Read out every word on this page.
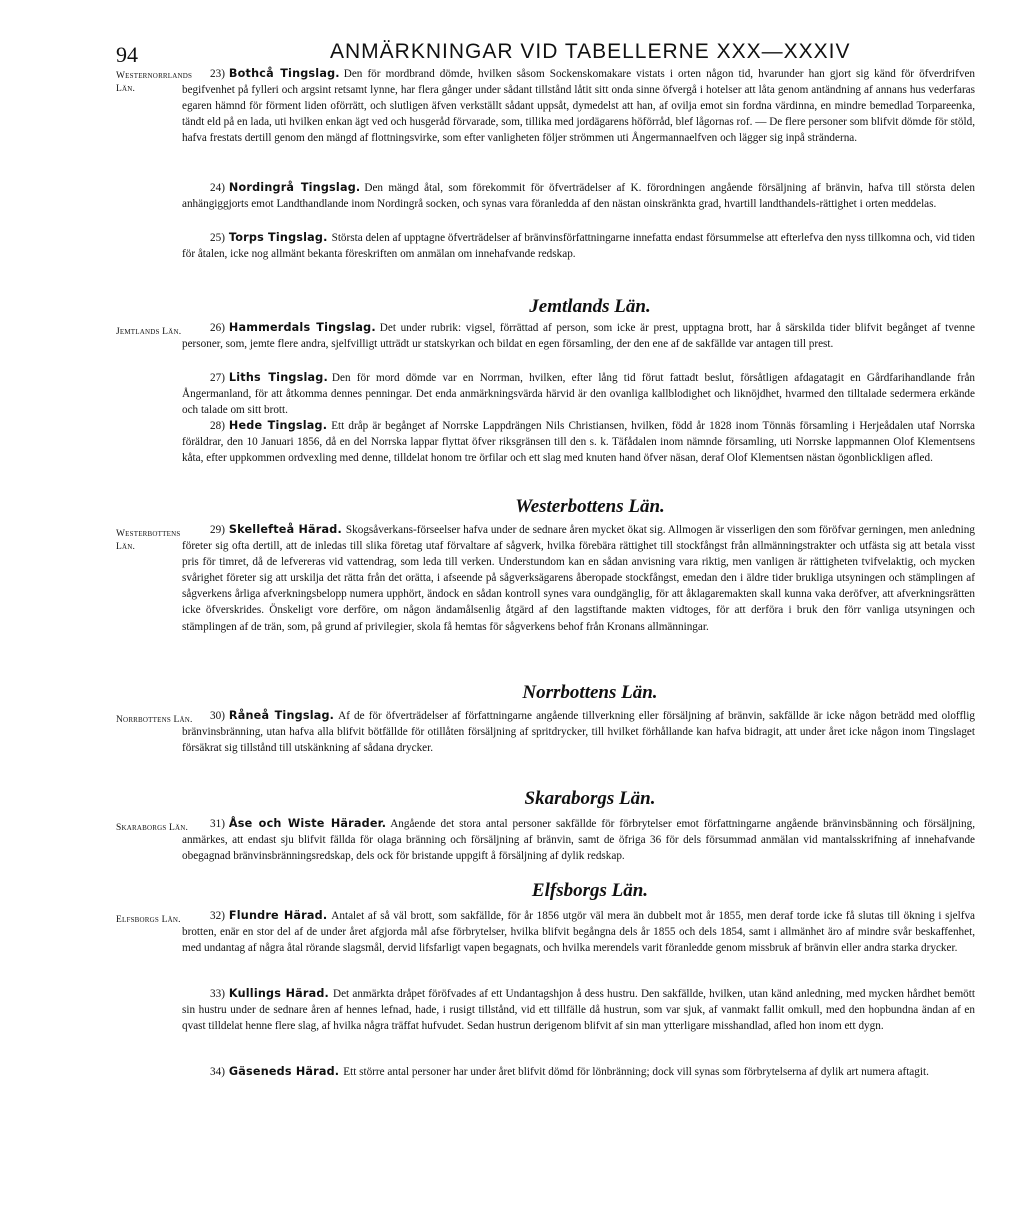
94	ANMÄRKNINGAR VID TABELLERNE XXX—XXXIV
Westernorrlands Län.

23) Bothcå Tingslag. Den för mordbrand dömde, hvilken såsom Sockenskomakare vistats i orten någon tid, hvarunder han gjort sig känd för öfverdrifven begifvenhet på fylleri och argsint retsamt lynne, har flera gånger under sådant tillstånd låtit sitt onda sinne öfvergå i hotelser att låta genom antändning af annans hus vederfaras egaren hämnd för förment liden oförrätt, och slutligen äfven verkställt sådant uppsåt, dymedelst att han, af ovilja emot sin fordna värdinna, en mindre bemedlad Torpareenka, tändt eld på en lada, uti hvilken enkan ägt ved och husgeråd förvarade, som, tillika med jordägarens höförråd, blef lågornas rof. — De flere personer som blifvit dömde för stöld, hafva frestats dertill genom den mängd af flottningsvirke, som efter vanligheten följer strömmen uti Ångermannaelfven och lägger sig inpå stränderna.

24) Nordingrå Tingslag. Den mängd åtal, som förekommit för öfverträdelser af K. förordningen angående försäljning af bränvin, hafva till största delen anhängiggjorts emot Landthandlande inom Nordingrå socken, och synas vara föranledda af den nästan oinskränkta grad, hvartill landthandels-rättighet i orten meddelas.

25) Torps Tingslag. Största delen af upptagne öfverträdelser af bränvinsförfattningarne innefatta endast försummelse att efterlefva den nyss tillkomna och, vid tiden för åtalen, icke nog allmänt bekanta föreskriften om anmälan om innehafvande redskap.

Jemtlands Län.
Jemtlands Län.	26) Hammerdals Tingslag. Det under rubrik: vigsel, förrättad af person, som icke är prest, upptagna brott, har å särskilda tider blifvit begånget af tvenne personer, som, jemte flere andra, sjelfvilligt utträdt ur statskyrkan och bildat en egen församling, der den ene af de sakfällde var antagen till prest.

27) Liths Tingslag. Den för mord dömde var en Norrman, hvilken, efter lång tid förut fattadt beslut, försåtligen afdagatagit en Gårdfarihandlande från Ångermanland, för att åtkomma dennes penningar. Det enda anmärkningsvärda härvid är den ovanliga kallblodighet och liknöjdhet, hvarmed den tilltalade sedermera erkände och talade om sitt brott.

28) Hede Tingslag. Ett dråp är begånget af Norrske Lappdrängen Nils Christiansen, hvilken, född år 1828 inom Tönnäs församling i Herjeådalen utaf Norrska föräldrar, den 10 Januari 1856, då en del Norrska lappar flyttat öfver riksgränsen till den s. k. Täfådalen inom nämnde församling, uti Norrske lappmannen Olof Klementsens kåta, efter uppkommen ordvexling med denne, tilldelat honom tre örfilar och ett slag med knuten hand öfver näsan, deraf Olof Klementsen nästan ögonblickligen afled.

Westerbottens Län.
Westerbottens Län.

29) Skellefteå Härad. Skogsåverkans-förseelser hafva under de sednare åren mycket ökat sig. Allmogen är visserligen den som föröfvar gerningen, men anledning företer sig ofta dertill, att de inledas till slika företag utaf förvaltare af sågverk, hvilka förebära rättighet till stockfångst från allmänningstrakter och utfästa sig att betala visst pris för timret, då de lefvereras vid vattendrag, som leda till verken. Understundom kan en sådan anvisning vara riktig, men vanligen är rättigheten tvifvelaktig, och mycken svårighet företer sig att urskilja det rätta från det orätta, i afseende på sågverksägarens åberopade stockfångst, emedan den i äldre tider brukliga utsyningen och stämplingen af sågverkens årliga afverkningsbelopp numera upphört, ändock en sådan kontroll synes vara oundgänglig, för att åklagaremakten skall kunna vaka deröfver, att afverkningsrätten icke öfverskrides. Önskeligt vore derföre, om någon ändamålsenlig åtgärd af den lagstiftande makten vidtoges, för att derföra i bruk den förr vanliga utsyningen och stämplingen af de trän, som, på grund af privilegier, skola få hemtas för sågverkens behof från Kronans allmänningar.

Norrbottens Län.
Norrbottens Län.	30) Råneå Tingslag. Af de för öfverträdelser af författningarne angående tillverkning eller försäljning af bränvin, sakfällde är icke någon beträdd med olofflig bränvinsbränning, utan hafva alla blifvit bötfällde för otillåten försäljning af spritdrycker, till hvilket förhållande kan hafva bidragit, att under året icke någon inom Tingslaget försäkrat sig tillstånd till utskänkning af sådana drycker.

Skaraborgs Län.
Skaraborgs Län.	31) Åse och Wiste Härader. Angående det stora antal personer sakfällde för förbrytelser emot författningarne angående bränvinsbänning och försäljning, anmärkes, att endast sju blifvit fällda för olaga bränning och försäljning af bränvin, samt de öfriga 36 för dels försummad anmälan vid mantalsskrifning af innehafvande obegagnad bränvinsbränningsredskap, dels ock för bristande uppgift å försäljning af dylik redskap.

Elfsborgs Län.
Elfsborgs Län.	32) Flundre Härad. Antalet af så väl brott, som sakfällde, för år 1856 utgör väl mera än dubbelt mot år 1855, men deraf torde icke få slutas till ökning i sjelfva brotten, enär en stor del af de under året afgjorda mål afse förbrytelser, hvilka blifvit begångna dels år 1855 och dels 1854, samt i allmänhet äro af mindre svår beskaffenhet, med undantag af några åtal rörande slagsmål, dervid lifsfarligt vapen begagnats, och hvilka merendels varit föranledde genom missbruk af bränvin eller andra starka drycker.

33) Kullings Härad. Det anmärkta dråpet föröfvades af ett Undantagshjon å dess hustru. Den sakfällde, hvilken, utan känd anledning, med mycken hårdhet bemött sin hustru under de sednare åren af hennes lefnad, hade, i rusigt tillstånd, vid ett tillfälle då hustrun, som var sjuk, af vanmakt fallit omkull, med den hopbundna ändan af en qvast tilldelat henne flere slag, af hvilka några träffat hufvudet. Sedan hustrun derigenom blifvit af sin man ytterligare misshandlad, afled hon inom ett dygn.

34) Gäseneds Härad. Ett större antal personer har under året blifvit dömd för lönbränning; dock vill synas som förbrytelserna af dylik art numera aftagit.
